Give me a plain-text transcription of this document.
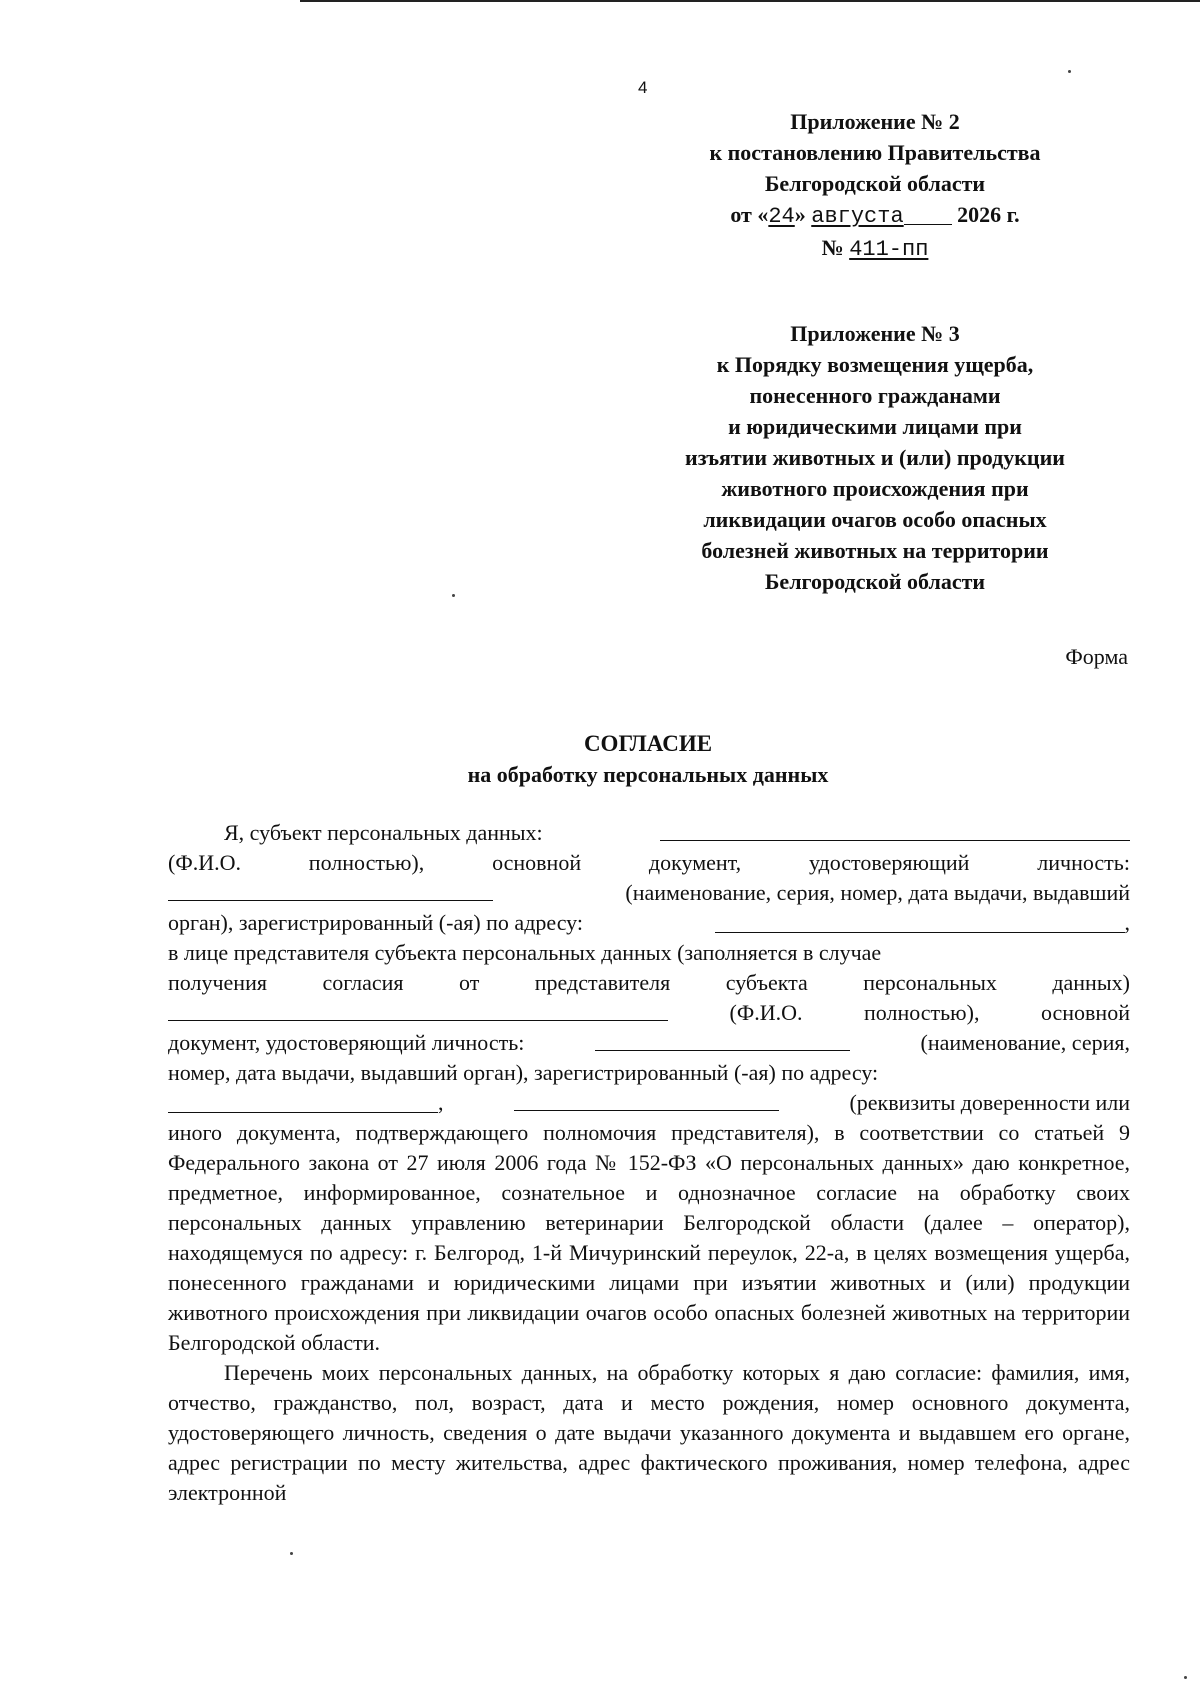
4
Приложение № 2
к постановлению Правительства
Белгородской области
от «24» августа 2026 г.
№ 411-пп
Приложение № 3
к Порядку возмещения ущерба,
понесенного гражданами
и юридическими лицами при
изъятии животных и (или) продукции
животного происхождения при
ликвидации очагов особо опасных
болезней животных на территории
Белгородской области
Форма
СОГЛАСИЕ
на обработку персональных данных
Я, субъект персональных данных:
(Ф.И.О.	полностью),	основной	документ,	удостоверяющий	личность:
(наименование, серия, номер, дата выдачи, выдавший
орган), зарегистрированный (-ая) по адресу:	,
в лице представителя субъекта персональных данных (заполняется в случае
получения	согласия	от	представителя	субъекта	персональных	данных)
(Ф.И.О.	полностью),	основной
документ, удостоверяющий личность:	(наименование, серия,
номер, дата выдачи, выдавший орган), зарегистрированный (-ая) по адресу:
,	(реквизиты доверенности или

иного документа, подтверждающего полномочия представителя), в соответствии со статьей 9 Федерального закона от 27 июля 2006 года № 152-ФЗ «О персональных данных» даю конкретное, предметное, информированное, сознательное и однозначное согласие на обработку своих персональных данных управлению ветеринарии Белгородской области (далее – оператор), находящемуся по адресу: г. Белгород, 1-й Мичуринский переулок, 22-а, в целях возмещения ущерба, понесенного гражданами и юридическими лицами при изъятии животных и (или) продукции животного происхождения при ликвидации очагов особо опасных болезней животных на территории Белгородской области.

Перечень моих персональных данных, на обработку которых я даю согласие: фамилия, имя, отчество, гражданство, пол, возраст, дата и место рождения, номер основного документа, удостоверяющего личность, сведения о дате выдачи указанного документа и выдавшем его органе, адрес регистрации по месту жительства, адрес фактического проживания, номер телефона, адрес электронной
